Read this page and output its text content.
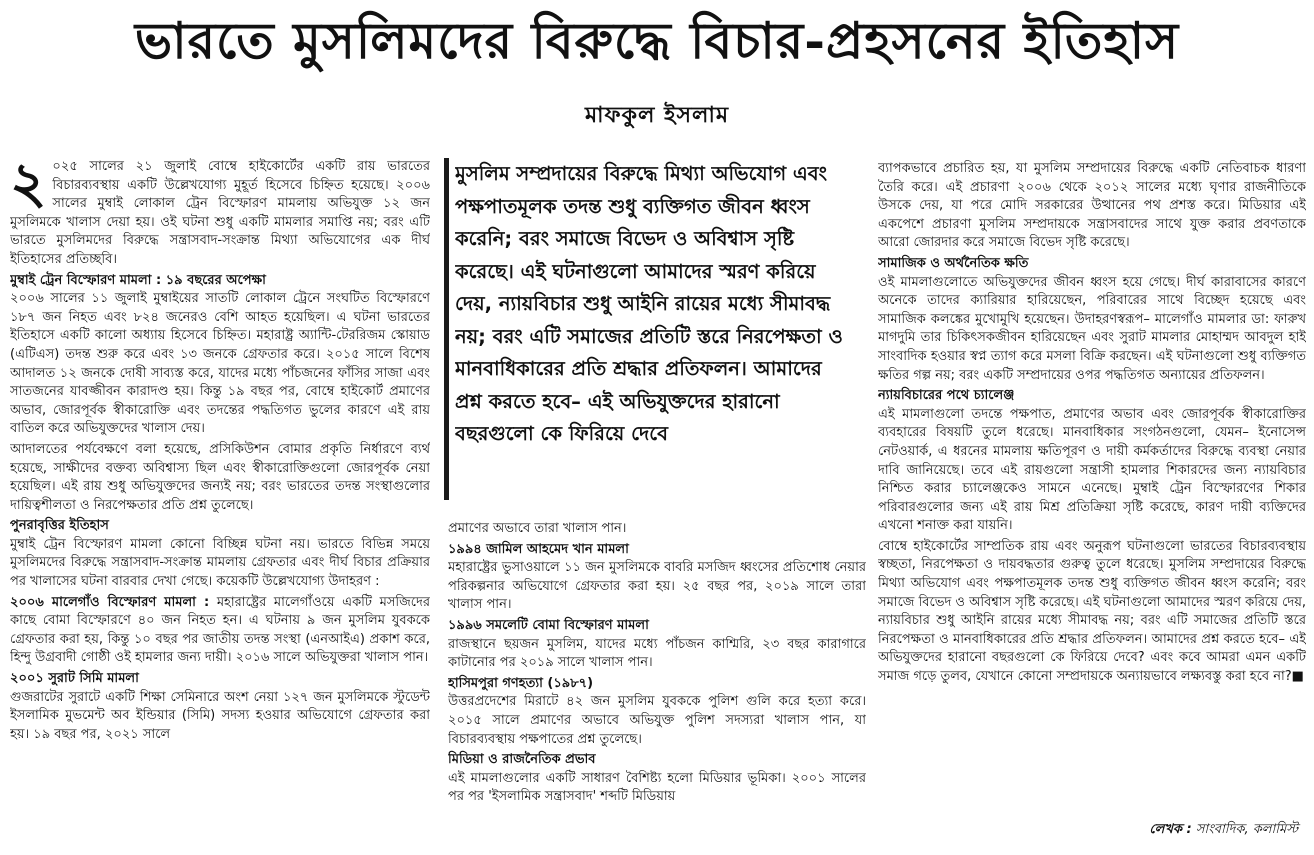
ভারতে মুসলিমদের বিরুদ্ধে বিচার-প্রহসনের ইতিহাস
মাফকুল ইসলাম

২ ০২৫ সালের ২১ জুলাই বোম্বে হাইকোর্টের একটি রায় ভারতের বিচারব্যবস্থায় একটি উল্লেখযোগ্য মুহূর্ত হিসেবে চিহ্নিত হয়েছে। ২০০৬ সালের মুম্বাই লোকাল ট্রেন বিস্ফোরণ মামলায় অভিযুক্ত ১২ জন মুসলিমকে খালাস দেয়া হয়। ওই ঘটনা শুধু একটি মামলার সমাপ্তি নয়; বরং এটি ভারতে মুসলিমদের বিরুদ্ধে সন্ত্রাসবাদ-সংক্রান্ত মিথ্যা অভিযোগের এক দীর্ঘ ইতিহাসের প্রতিচ্ছবি।

মুম্বাই ট্রেন বিস্ফোরণ মামলা : ১৯ বছরের অপেক্ষা

২০০৬ সালের ১১ জুলাই মুম্বাইয়ের সাতটি লোকাল ট্রেনে সংঘটিত বিস্ফোরণে ১৮৭ জন নিহত এবং ৮২৪ জনেরও বেশি আহত হয়েছিল। এ ঘটনা ভারতের ইতিহাসে একটি কালো অধ্যায় হিসেবে চিহ্নিত। মহারাষ্ট্র অ্যান্টি-টেররিজম স্কোয়াড (এটিএস) তদন্ত শুরু করে এবং ১৩ জনকে গ্রেফতার করে। ২০১৫ সালে বিশেষ আদালত ১২ জনকে দোষী সাব্যস্ত করে, যাদের মধ্যে পাঁচজনের ফাঁসির সাজা এবং সাতজনের যাবজ্জীবন কারাদণ্ড হয়। কিন্তু ১৯ বছর পর, বোম্বে হাইকোর্ট প্রমাণের অভাব, জোরপূর্বক স্বীকারোক্তি এবং তদন্তের পদ্ধতিগত ভুলের কারণে এই রায় বাতিল করে অভিযুক্তদের খালাস দেয়।

আদালতের পর্যবেক্ষণে বলা হয়েছে, প্রসিকিউশন বোমার প্রকৃতি নির্ধারণে ব্যর্থ হয়েছে, সাক্ষীদের বক্তব্য অবিশ্বাস্য ছিল এবং স্বীকারোক্তিগুলো জোরপূর্বক নেয়া হয়েছিল। এই রায় শুধু অভিযুক্তদের জন্যই নয়; বরং ভারতের তদন্ত সংস্থাগুলোর দায়িত্বশীলতা ও নিরপেক্ষতার প্রতি প্রশ্ন তুলেছে।

পুনরাবৃত্তির ইতিহাস

মুম্বাই ট্রেন বিস্ফোরণ মামলা কোনো বিচ্ছিন্ন ঘটনা নয়। ভারতে বিভিন্ন সময়ে মুসলিমদের বিরুদ্ধে সন্ত্রাসবাদ-সংক্রান্ত মামলায় গ্রেফতার এবং দীর্ঘ বিচার প্রক্রিয়ার পর খালাসের ঘটনা বারবার দেখা গেছে। কয়েকটি উল্লেখযোগ্য উদাহরণ :

২০০৬ মালেগাঁও বিস্ফোরণ মামলা : মহারাষ্ট্রের মালেগাঁওয়ে একটি মসজিদের কাছে বোমা বিস্ফোরণে ৪০ জন নিহত হন। এ ঘটনায় ৯ জন মুসলিম যুবককে গ্রেফতার করা হয়, কিন্তু ১০ বছর পর জাতীয় তদন্ত সংস্থা (এনআইএ) প্রকাশ করে, হিন্দু উগ্রবাদী গোষ্ঠী ওই হামলার জন্য দায়ী। ২০১৬ সালে অভিযুক্তরা খালাস পান।

২০০১ সুরাট সিমি মামলা

গুজরাটের সুরাটে একটি শিক্ষা সেমিনারে অংশ নেয়া ১২৭ জন মুসলিমকে স্টুডেন্ট ইসলামিক মুভমেন্ট অব ইন্ডিয়ার (সিমি) সদস্য হওয়ার অভিযোগে গ্রেফতার করা হয়। ১৯ বছর পর, ২০২১ সালে

মুসলিম সম্প্রদায়ের বিরুদ্ধে মিথ্যা অভিযোগ এবং পক্ষপাতমূলক তদন্ত শুধু ব্যক্তিগত জীবন ধ্বংস করেনি; বরং সমাজে বিভেদ ও অবিশ্বাস সৃষ্টি করেছে। এই ঘটনাগুলো আমাদের স্মরণ করিয়ে দেয়, ন্যায়বিচার শুধু আইনি রায়ের মধ্যে সীমাবদ্ধ নয়; বরং এটি সমাজের প্রতিটি স্তরে নিরপেক্ষতা ও মানবাধিকারের প্রতি শ্রদ্ধার প্রতিফলন। আমাদের প্রশ্ন করতে হবে– এই অভিযুক্তদের হারানো বছরগুলো কে ফিরিয়ে দেবে

প্রমাণের অভাবে তারা খালাস পান।

১৯৯৪ জামিল আহমেদ খান মামলা

মহারাষ্ট্রের ভুসাওয়ালে ১১ জন মুসলিমকে বাবরি মসজিদ ধ্বংসের প্রতিশোধ নেয়ার পরিকল্পনার অভিযোগে গ্রেফতার করা হয়। ২৫ বছর পর, ২০১৯ সালে তারা খালাস পান।

১৯৯৬ সমলেটি বোমা বিস্ফোরণ মামলা

রাজস্থানে ছয়জন মুসলিম, যাদের মধ্যে পাঁচজন কাশ্মিরি, ২৩ বছর কারাগারে কাটানোর পর ২০১৯ সালে খালাস পান।

হাসিমপুরা গণহত্যা (১৯৮৭)

উত্তরপ্রদেশের মিরাটে ৪২ জন মুসলিম যুবককে পুলিশ গুলি করে হত্যা করে। ২০১৫ সালে প্রমাণের অভাবে অভিযুক্ত পুলিশ সদস্যরা খালাস পান, যা বিচারব্যবস্থায় পক্ষপাতের প্রশ্ন তুলেছে।

মিডিয়া ও রাজনৈতিক প্রভাব

এই মামলাগুলোর একটি সাধারণ বৈশিষ্ট্য হলো মিডিয়ার ভূমিকা। ২০০১ সালের পর পর 'ইসলামিক সন্ত্রাসবাদ' শব্দটি মিডিয়ায়

ব্যাপকভাবে প্রচারিত হয়, যা মুসলিম সম্প্রদায়ের বিরুদ্ধে একটি নেতিবাচক ধারণা তৈরি করে। এই প্রচারণা ২০০৬ থেকে ২০১২ সালের মধ্যে ঘৃণার রাজনীতিকে উসকে দেয়, যা পরে মোদি সরকারের উত্থানের পথ প্রশস্ত করে। মিডিয়ার এই একপেশে প্রচারণা মুসলিম সম্প্রদায়কে সন্ত্রাসবাদের সাথে যুক্ত করার প্রবণতাকে আরো জোরদার করে সমাজে বিভেদ সৃষ্টি করেছে।

সামাজিক ও অর্থনৈতিক ক্ষতি

ওই মামলাগুলোতে অভিযুক্তদের জীবন ধ্বংস হয়ে গেছে। দীর্ঘ কারাবাসের কারণে অনেকে তাদের ক্যারিয়ার হারিয়েছেন, পরিবারের সাথে বিচ্ছেদ হয়েছে এবং সামাজিক কলঙ্কের মুখোমুখি হয়েছেন। উদাহরণস্বরূপ– মালেগাঁও মামলার ডা: ফারুখ মাগদুমি তার চিকিৎসকজীবন হারিয়েছেন এবং সুরাট মামলার মোহাম্মদ আবদুল হাই সাংবাদিক হওয়ার স্বপ্ন ত্যাগ করে মসলা বিক্রি করছেন। এই ঘটনাগুলো শুধু ব্যক্তিগত ক্ষতির গল্প নয়; বরং একটি সম্প্রদায়ের ওপর পদ্ধতিগত অন্যায়ের প্রতিফলন।

ন্যায়বিচারের পথে চ্যালেঞ্জ

এই মামলাগুলো তদন্তে পক্ষপাত, প্রমাণের অভাব এবং জোরপূর্বক স্বীকারোক্তির ব্যবহারের বিষয়টি তুলে ধরেছে। মানবাধিকার সংগঠনগুলো, যেমন– ইনোসেন্স নেটওয়ার্ক, এ ধরনের মামলায় ক্ষতিপূরণ ও দায়ী কর্মকর্তাদের বিরুদ্ধে ব্যবস্থা নেয়ার দাবি জানিয়েছে। তবে এই রায়গুলো সন্ত্রাসী হামলার শিকারদের জন্য ন্যায়বিচার নিশ্চিত করার চ্যালেঞ্জকেও সামনে এনেছে। মুম্বাই ট্রেন বিস্ফোরণের শিকার পরিবারগুলোর জন্য এই রায় মিশ্র প্রতিক্রিয়া সৃষ্টি করেছে, কারণ দায়ী ব্যক্তিদের এখনো শনাক্ত করা যায়নি।

বোম্বে হাইকোর্টের সাম্প্রতিক রায় এবং অনুরূপ ঘটনাগুলো ভারতের বিচারব্যবস্থায় স্বচ্ছতা, নিরপেক্ষতা ও দায়বদ্ধতার গুরুত্ব তুলে ধরেছে। মুসলিম সম্প্রদায়ের বিরুদ্ধে মিথ্যা অভিযোগ এবং পক্ষপাতমূলক তদন্ত শুধু ব্যক্তিগত জীবন ধ্বংস করেনি; বরং সমাজে বিভেদ ও অবিশ্বাস সৃষ্টি করেছে। এই ঘটনাগুলো আমাদের স্মরণ করিয়ে দেয়, ন্যায়বিচার শুধু আইনি রায়ের মধ্যে সীমাবদ্ধ নয়; বরং এটি সমাজের প্রতিটি স্তরে নিরপেক্ষতা ও মানবাধিকারের প্রতি শ্রদ্ধার প্রতিফলন। আমাদের প্রশ্ন করতে হবে– এই অভিযুক্তদের হারানো বছরগুলো কে ফিরিয়ে দেবে? এবং কবে আমরা এমন একটি সমাজ গড়ে তুলব, যেখানে কোনো সম্প্রদায়কে অন্যায়ভাবে লক্ষ্যবস্তু করা হবে না?■

লেখক : সাংবাদিক, কলামিস্ট
